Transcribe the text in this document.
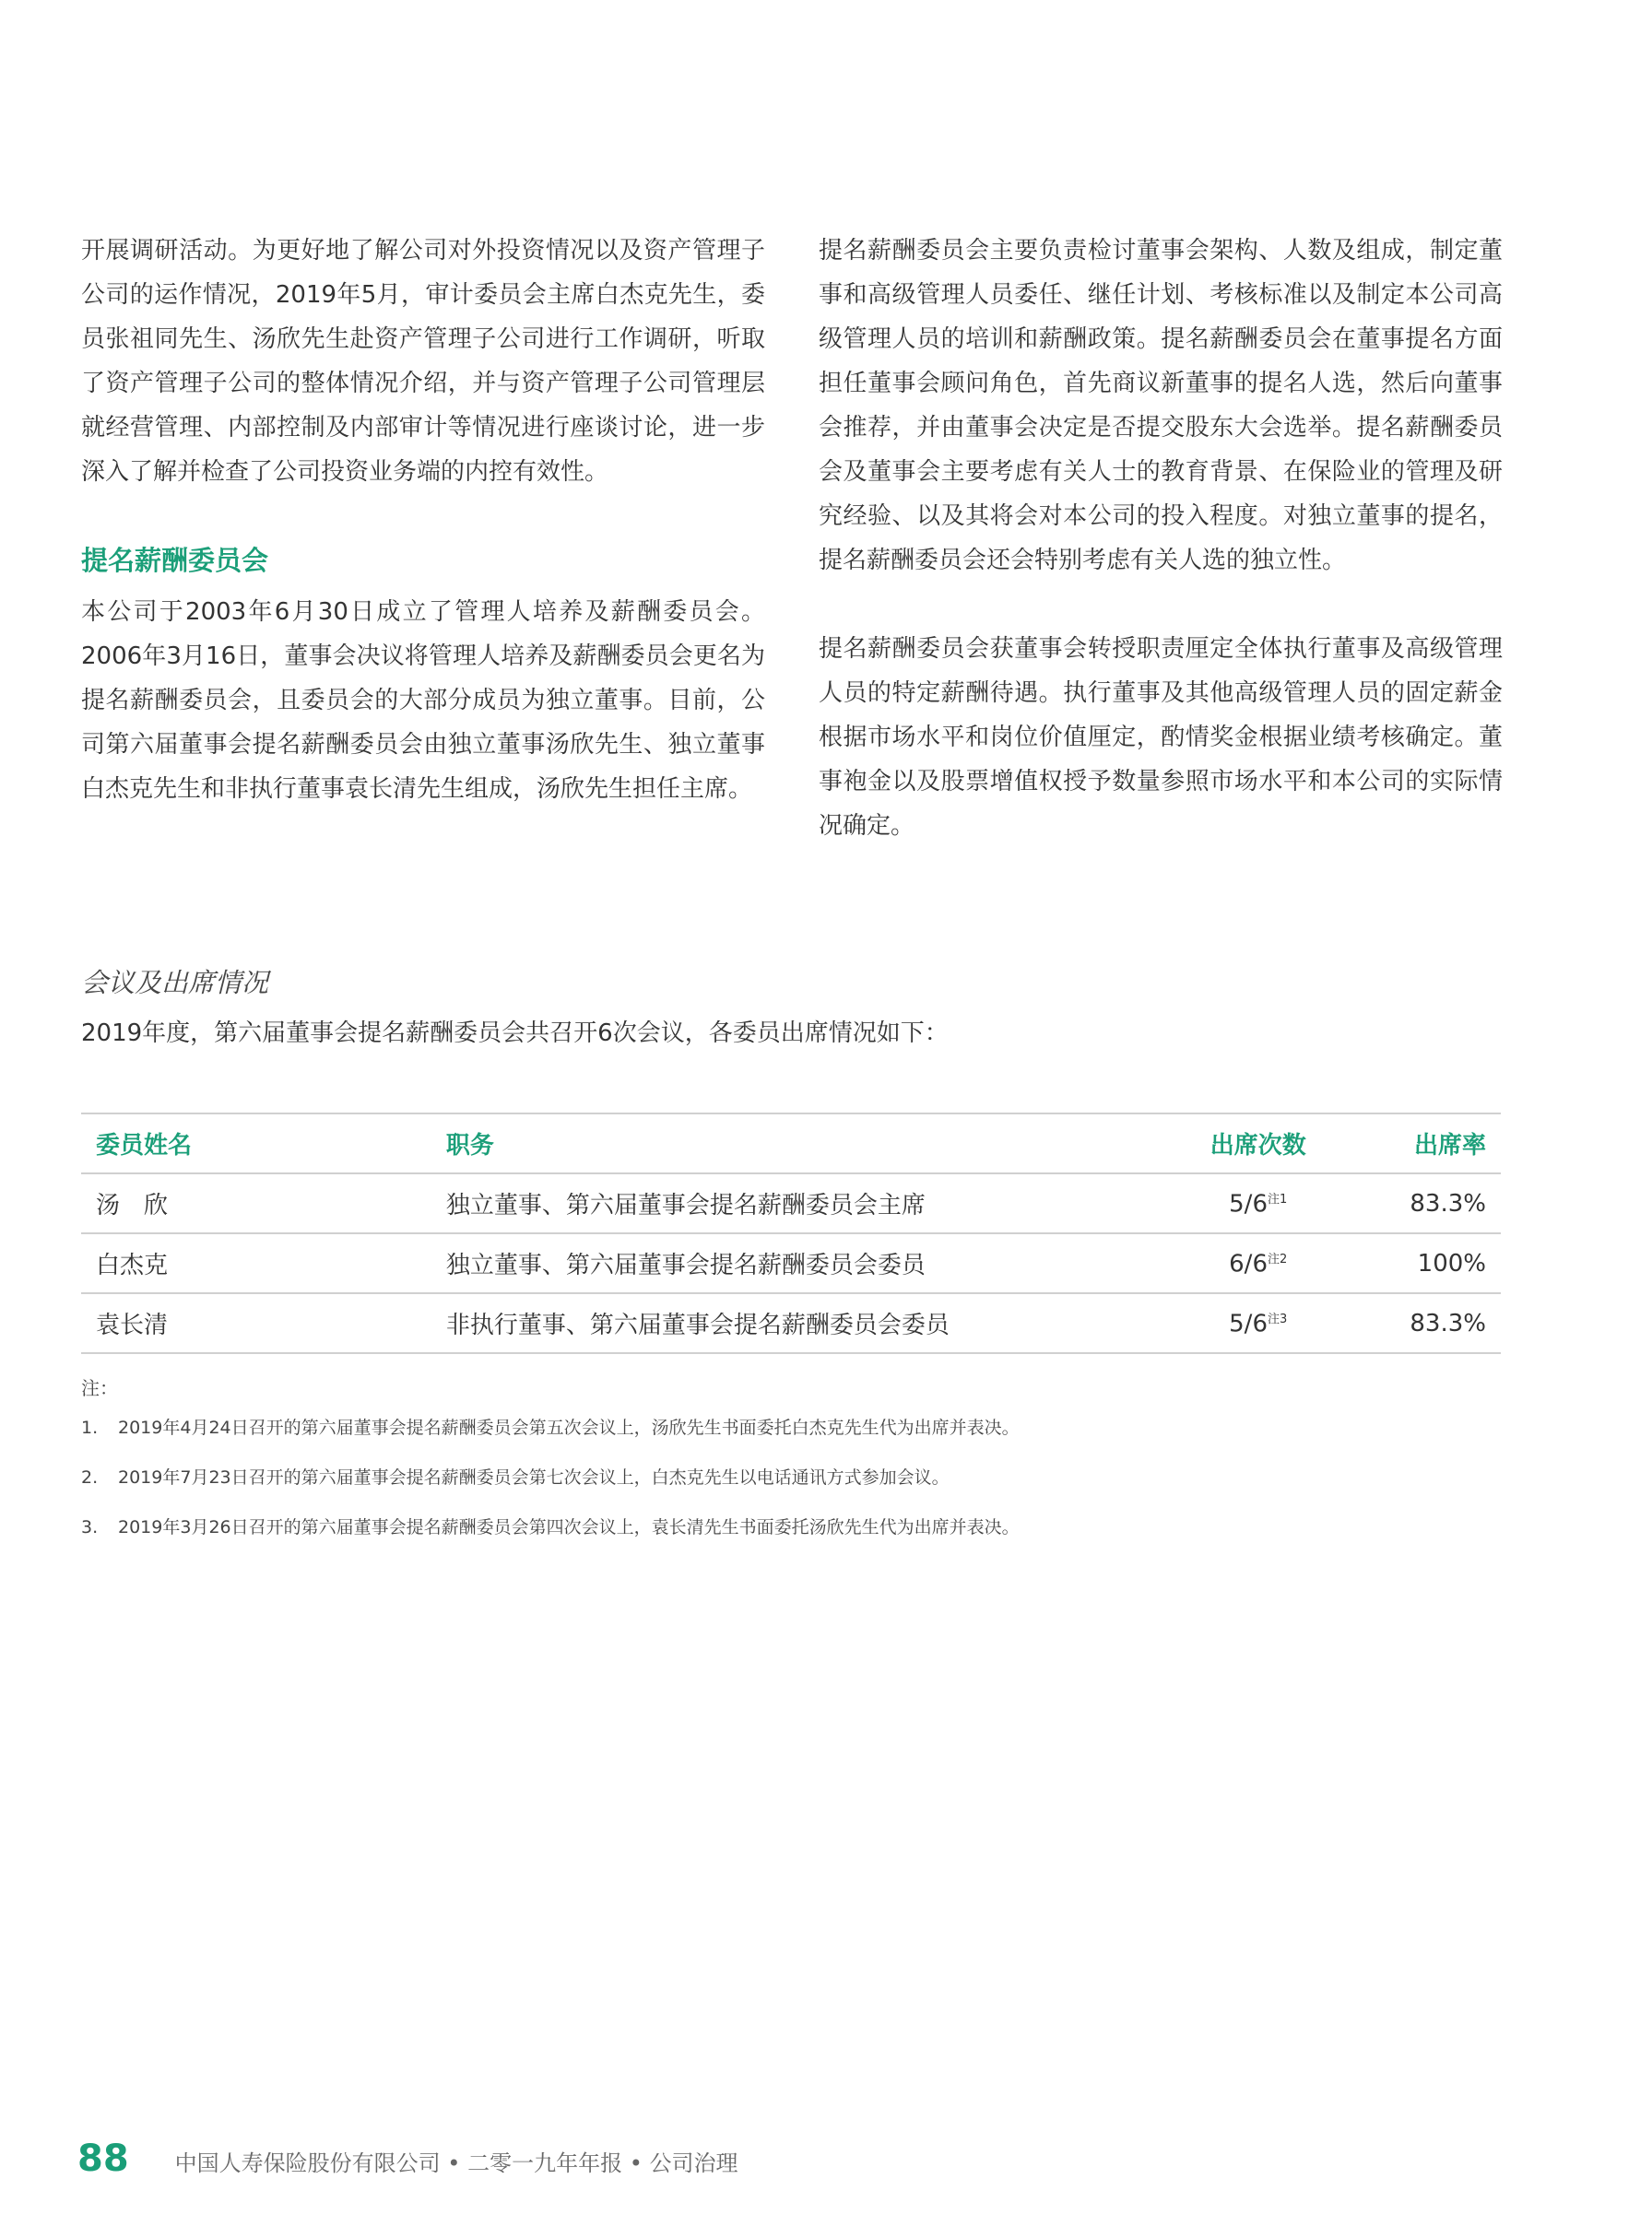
开展调研活动。为更好地了解公司对外投资情况以及资产管理子公司的运作情况，2019年5月，审计委员会主席白杰克先生，委员张祖同先生、汤欣先生赴资产管理子公司进行工作调研，听取了资产管理子公司的整体情况介绍，并与资产管理子公司管理层就经营管理、内部控制及内部审计等情况进行座谈讨论，进一步深入了解并检查了公司投资业务端的内控有效性。

提名薪酬委员会

本公司于2003年6月30日成立了管理人培养及薪酬委员会。2006年3月16日，董事会决议将管理人培养及薪酬委员会更名为提名薪酬委员会，且委员会的大部分成员为独立董事。目前，公司第六届董事会提名薪酬委员会由独立董事汤欣先生、独立董事白杰克先生和非执行董事袁长清先生组成，汤欣先生担任主席。

提名薪酬委员会主要负责检讨董事会架构、人数及组成，制定董事和高级管理人员委任、继任计划、考核标准以及制定本公司高级管理人员的培训和薪酬政策。提名薪酬委员会在董事提名方面担任董事会顾问角色，首先商议新董事的提名人选，然后向董事会推荐，并由董事会决定是否提交股东大会选举。提名薪酬委员会及董事会主要考虑有关人士的教育背景、在保险业的管理及研究经验、以及其将会对本公司的投入程度。对独立董事的提名，提名薪酬委员会还会特别考虑有关人选的独立性。

提名薪酬委员会获董事会转授职责厘定全体执行董事及高级管理人员的特定薪酬待遇。执行董事及其他高级管理人员的固定薪金根据市场水平和岗位价值厘定，酌情奖金根据业绩考核确定。董事袍金以及股票增值权授予数量参照市场水平和本公司的实际情况确定。

会议及出席情况
2019年度，第六届董事会提名薪酬委员会共召开6次会议，各委员出席情况如下：
委员姓名	职务	出席次数	出席率
汤　欣	独立董事、第六届董事会提名薪酬委员会主席	5/6$^{注1}$	83.3%
白杰克	独立董事、第六届董事会提名薪酬委员会委员	6/6$^{注2}$	100%
袁长清	非执行董事、第六届董事会提名薪酬委员会委员	5/6$^{注3}$	83.3%
注：

1. 2019年4月24日召开的第六届董事会提名薪酬委员会第五次会议上，汤欣先生书面委托白杰克先生代为出席并表决。

2. 2019年7月23日召开的第六届董事会提名薪酬委员会第七次会议上，白杰克先生以电话通讯方式参加会议。

3. 2019年3月26日召开的第六届董事会提名薪酬委员会第四次会议上，袁长清先生书面委托汤欣先生代为出席并表决。

88 中国人寿保险股份有限公司 • 二零一九年年报 • 公司治理
